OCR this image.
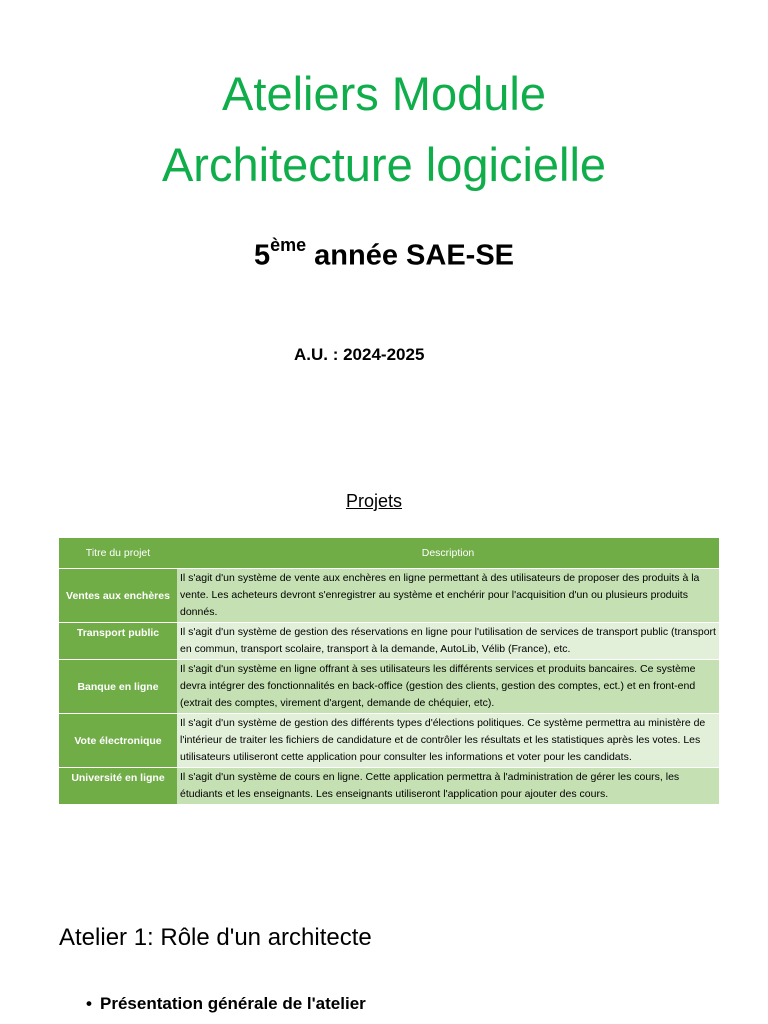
Ateliers Module
Architecture logicielle
5ème année SAE-SE
A.U. : 2024-2025
Projets
Titre du projet	Description
Ventes aux enchères	Il s'agit d'un système de vente aux enchères en ligne permettant à des utilisateurs de proposer des produits à la vente. Les acheteurs devront s'enregistrer au système et enchérir pour l'acquisition d'un ou plusieurs produits donnés.
Transport public	Il s'agit d'un système de gestion des réservations en ligne pour l'utilisation de services de transport public (transport en commun, transport scolaire, transport à la demande, AutoLib, Vélib (France), etc.
Banque en ligne	Il s'agit d'un système en ligne offrant à ses utilisateurs les différents services et produits bancaires. Ce système devra intégrer des fonctionnalités en back-office (gestion des clients, gestion des comptes, ect.) et en front-end (extrait des comptes, virement d'argent, demande de chéquier, etc).
Vote électronique	Il s'agit d'un système de gestion des différents types d'élections politiques. Ce système permettra au ministère de l'intérieur de traiter les fichiers de candidature et de contrôler les résultats et les statistiques après les votes. Les utilisateurs utiliseront cette application pour consulter les informations et voter pour les candidats.
Université en ligne	Il s'agit d'un système de cours en ligne. Cette application permettra à l'administration de gérer les cours, les étudiants et les enseignants. Les enseignants utiliseront l'application pour ajouter des cours.
Atelier 1: Rôle d'un architecte
• Présentation générale de l'atelier
